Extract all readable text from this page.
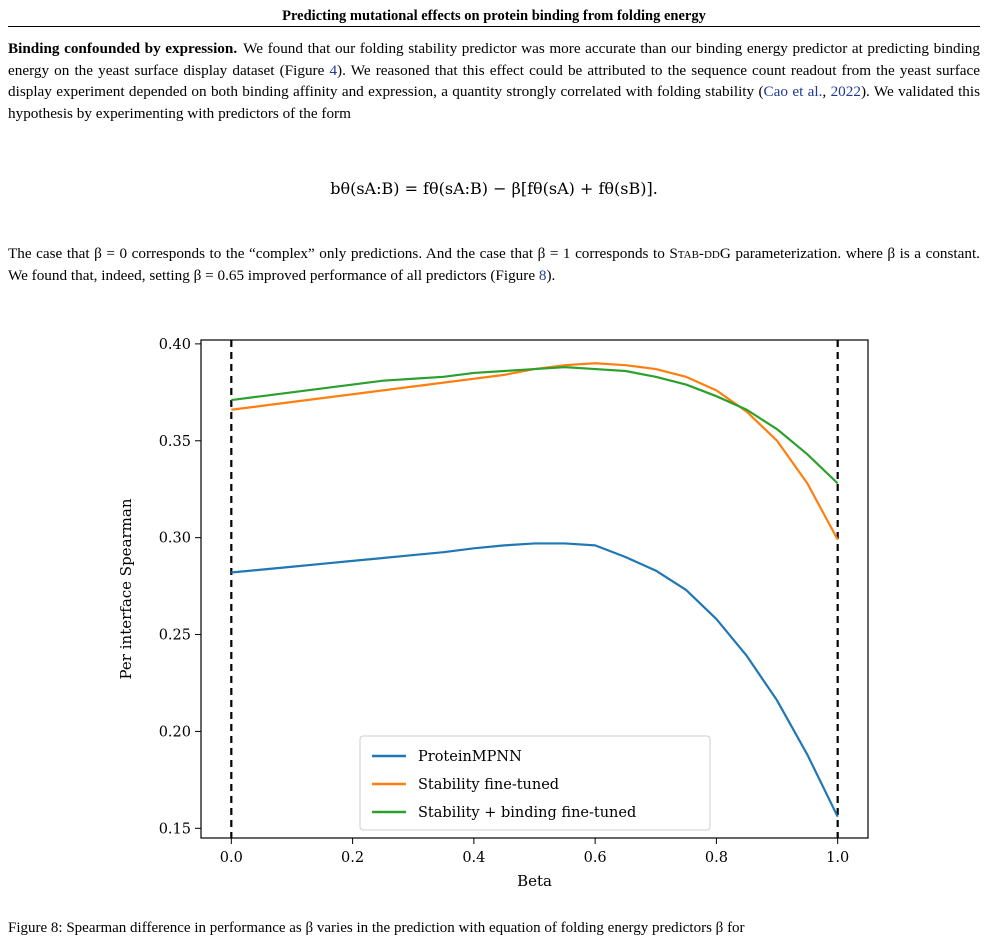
Predicting mutational effects on protein binding from folding energy
Binding confounded by expression. We found that our folding stability predictor was more accurate than our binding energy predictor at predicting binding energy on the yeast surface display dataset (Figure 4). We reasoned that this effect could be attributed to the sequence count readout from the yeast surface display experiment depended on both binding affinity and expression, a quantity strongly correlated with folding stability (Cao et al., 2022). We validated this hypothesis by experimenting with predictors of the form
bθ(sA:B) = fθ(sA:B) − β[fθ(sA) + fθ(sB)].
The case that β = 0 corresponds to the “complex” only predictions. And the case that β = 1 corresponds to Stab-ddG parameterization. where β is a constant. We found that, indeed, setting β = 0.65 improved performance of all predictors (Figure 8).
0.0	0.2	0.4	0.6	0.8	1.0
0.15
0.20
0.25
0.30
0.35
0.40
Beta
Per interface Spearman
ProteinMPNN
Stability fine-tuned
Stability + binding fine-tuned
Figure 8: Spearman difference in performance as β varies in the prediction with equation of folding energy predictors β for
